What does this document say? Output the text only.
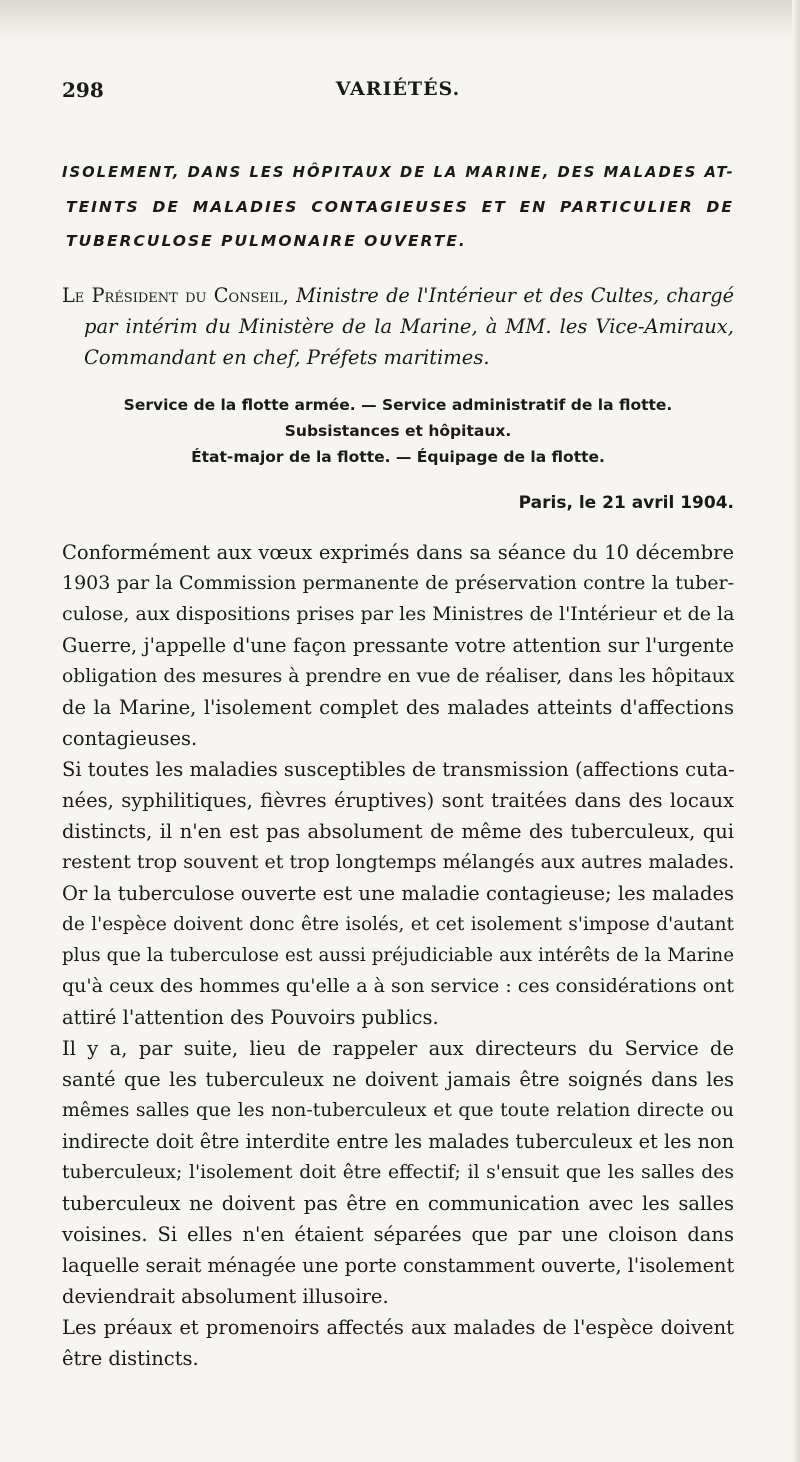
298	VARIÉTÉS.
ISOLEMENT, DANS LES HÔPITAUX DE LA MARINE, DES MALADES AT-
TEINTS DE MALADIES CONTAGIEUSES ET EN PARTICULIER DE
TUBERCULOSE PULMONAIRE OUVERTE.
Le Président du Conseil, Ministre de l'Intérieur et des Cultes, chargé
par intérim du Ministère de la Marine, à MM. les Vice-Amiraux,
Commandant en chef, Préfets maritimes.
Service de la flotte armée. — Service administratif de la flotte.
Subsistances et hôpitaux.
État-major de la flotte. — Équipage de la flotte.
Paris, le 21 avril 1904.

Conformément aux vœux exprimés dans sa séance du 10 décembre
1903 par la Commission permanente de préservation contre la tuber-
culose, aux dispositions prises par les Ministres de l'Intérieur et de la
Guerre, j'appelle d'une façon pressante votre attention sur l'urgente
obligation des mesures à prendre en vue de réaliser, dans les hôpitaux
de la Marine, l'isolement complet des malades atteints d'affections
contagieuses.

Si toutes les maladies susceptibles de transmission (affections cuta-
nées, syphilitiques, fièvres éruptives) sont traitées dans des locaux
distincts, il n'en est pas absolument de même des tuberculeux, qui
restent trop souvent et trop longtemps mélangés aux autres malades.
Or la tuberculose ouverte est une maladie contagieuse; les malades
de l'espèce doivent donc être isolés, et cet isolement s'impose d'autant
plus que la tuberculose est aussi préjudiciable aux intérêts de la Marine
qu'à ceux des hommes qu'elle a à son service : ces considérations ont
attiré l'attention des Pouvoirs publics.

Il y a, par suite, lieu de rappeler aux directeurs du Service de
santé que les tuberculeux ne doivent jamais être soignés dans les
mêmes salles que les non-tuberculeux et que toute relation directe ou
indirecte doit être interdite entre les malades tuberculeux et les non
tuberculeux; l'isolement doit être effectif; il s'ensuit que les salles des
tuberculeux ne doivent pas être en communication avec les salles
voisines. Si elles n'en étaient séparées que par une cloison dans
laquelle serait ménagée une porte constamment ouverte, l'isolement
deviendrait absolument illusoire.

Les préaux et promenoirs affectés aux malades de l'espèce doivent
être distincts.
